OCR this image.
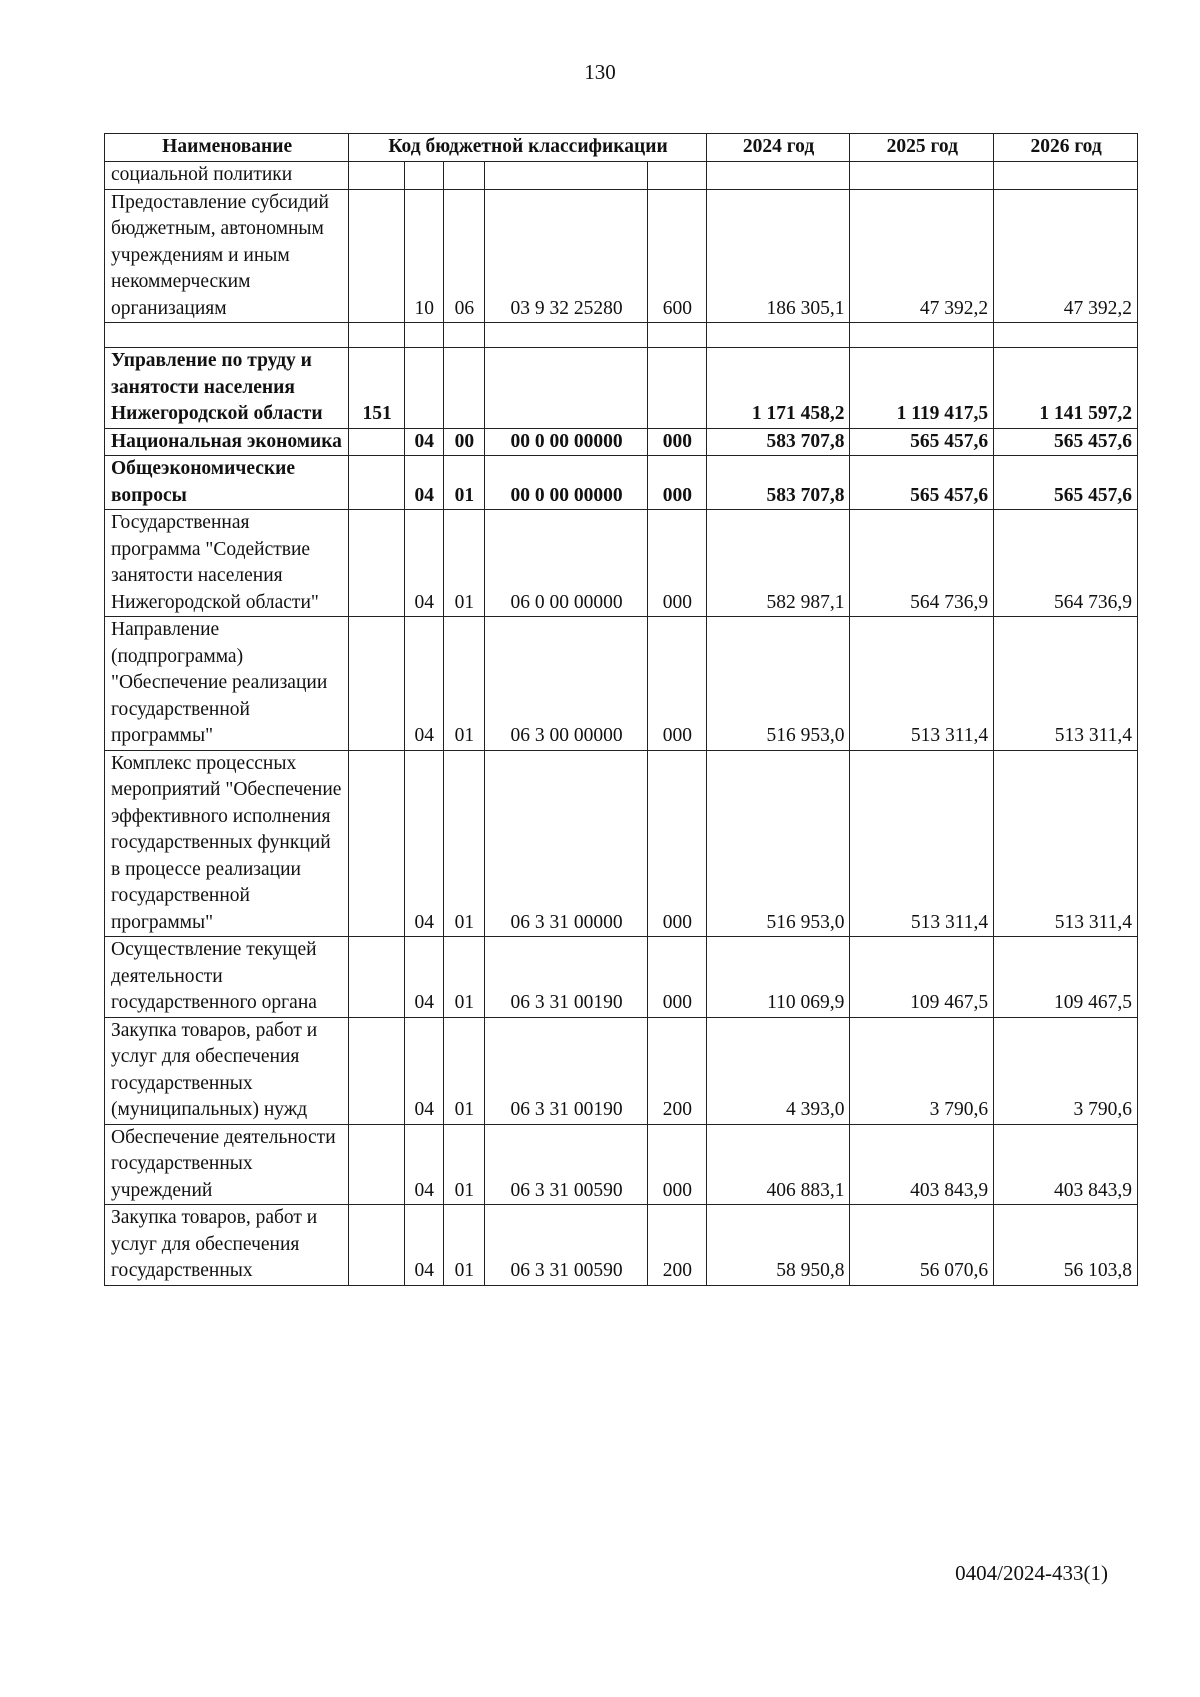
130
Наименование	Код бюджетной классификации					2024 год	2025 год	2026 год
социальной политики								
Предоставление субсидий бюджетным, автономным учреждениям и иным некоммерческим организациям		10	06	03 9 32 25280	600	186 305,1	47 392,2	47 392,2

Управление по труду и занятости населения Нижегородской области	151					1 171 458,2	1 119 417,5	1 141 597,2
Национальная экономика		04	00	00 0 00 00000	000	583 707,8	565 457,6	565 457,6
Общеэкономические вопросы		04	01	00 0 00 00000	000	583 707,8	565 457,6	565 457,6
Государственная программа "Содействие занятости населения Нижегородской области"		04	01	06 0 00 00000	000	582 987,1	564 736,9	564 736,9
Направление (подпрограмма) "Обеспечение реализации государственной программы"		04	01	06 3 00 00000	000	516 953,0	513 311,4	513 311,4
Комплекс процессных мероприятий "Обеспечение эффективного исполнения государственных функций в процессе реализации государственной программы"		04	01	06 3 31 00000	000	516 953,0	513 311,4	513 311,4
Осуществление текущей деятельности государственного органа		04	01	06 3 31 00190	000	110 069,9	109 467,5	109 467,5
Закупка товаров, работ и услуг для обеспечения государственных (муниципальных) нужд		04	01	06 3 31 00190	200	4 393,0	3 790,6	3 790,6
Обеспечение деятельности государственных учреждений		04	01	06 3 31 00590	000	406 883,1	403 843,9	403 843,9
Закупка товаров, работ и услуг для обеспечения государственных		04	01	06 3 31 00590	200	58 950,8	56 070,6	56 103,8
0404/2024-433(1)
